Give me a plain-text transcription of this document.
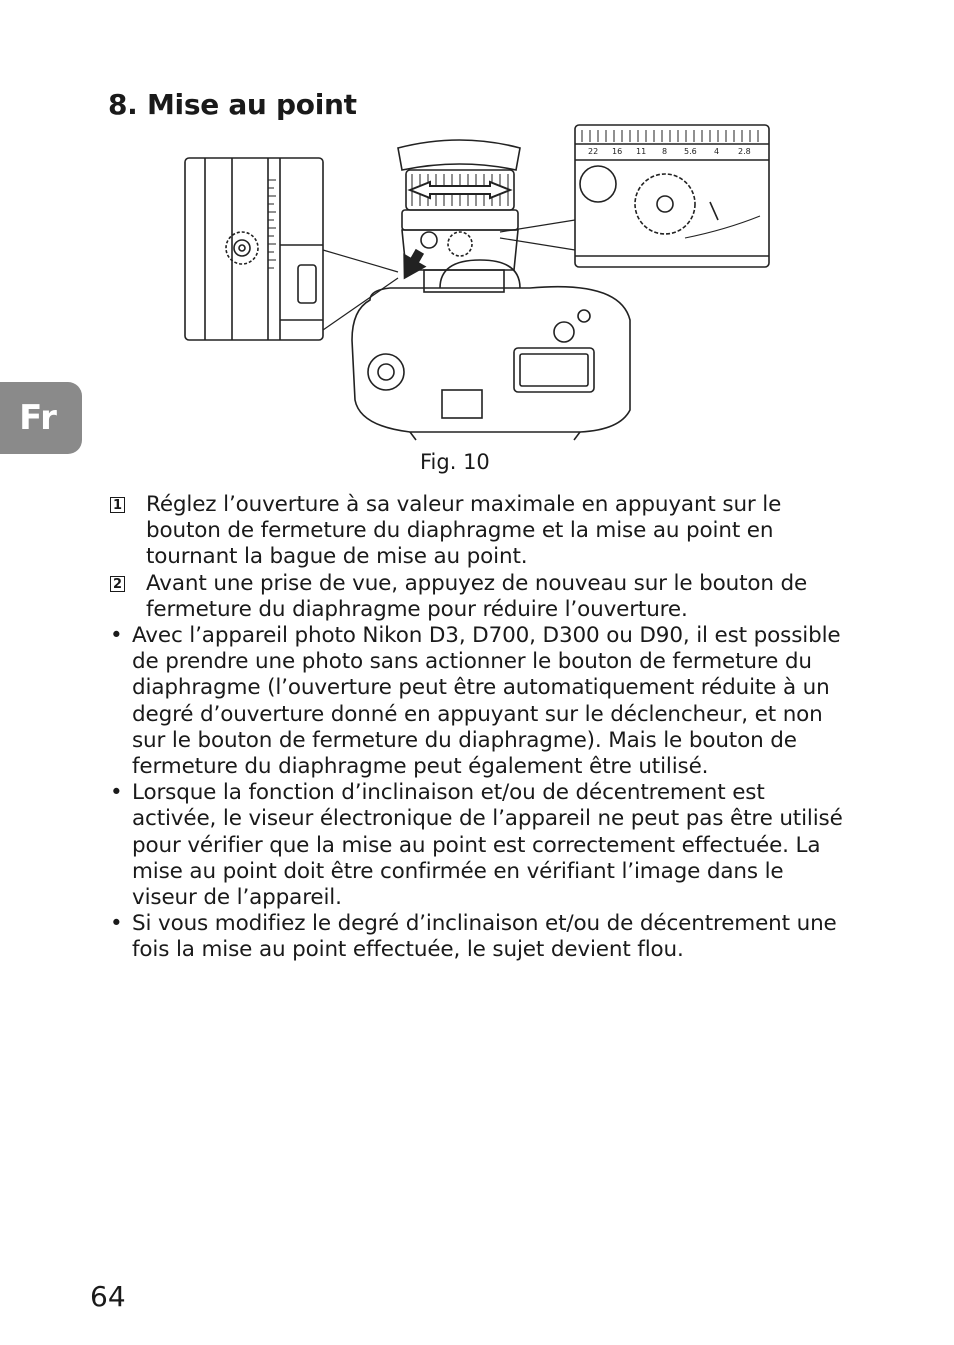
8. Mise au point
Fr
22 16 11 8 5.6 4 2.8
Fig. 10
1 Réglez l’ouverture à sa valeur maximale en appuyant sur le bouton de fermeture du diaphragme et la mise au point en tournant la bague de mise au point.
2 Avant une prise de vue, appuyez de nouveau sur le bouton de fermeture du diaphragme pour réduire l’ouverture.
• Avec l’appareil photo Nikon D3, D700, D300 ou D90, il est possible de prendre une photo sans actionner le bouton de fermeture du diaphragme (l’ouverture peut être automatiquement réduite à un degré d’ouverture donné en appuyant sur le déclencheur, et non sur le bouton de fermeture du diaphragme). Mais le bouton de fermeture du diaphragme peut également être utilisé.
• Lorsque la fonction d’inclinaison et/ou de décentrement est activée, le viseur électronique de l’appareil ne peut pas être utilisé pour vérifier que la mise au point est correctement effectuée. La mise au point doit être confirmée en vérifiant l’image dans le viseur de l’appareil.
• Si vous modifiez le degré d’inclinaison et/ou de décentrement une fois la mise au point effectuée, le sujet devient flou.
64
